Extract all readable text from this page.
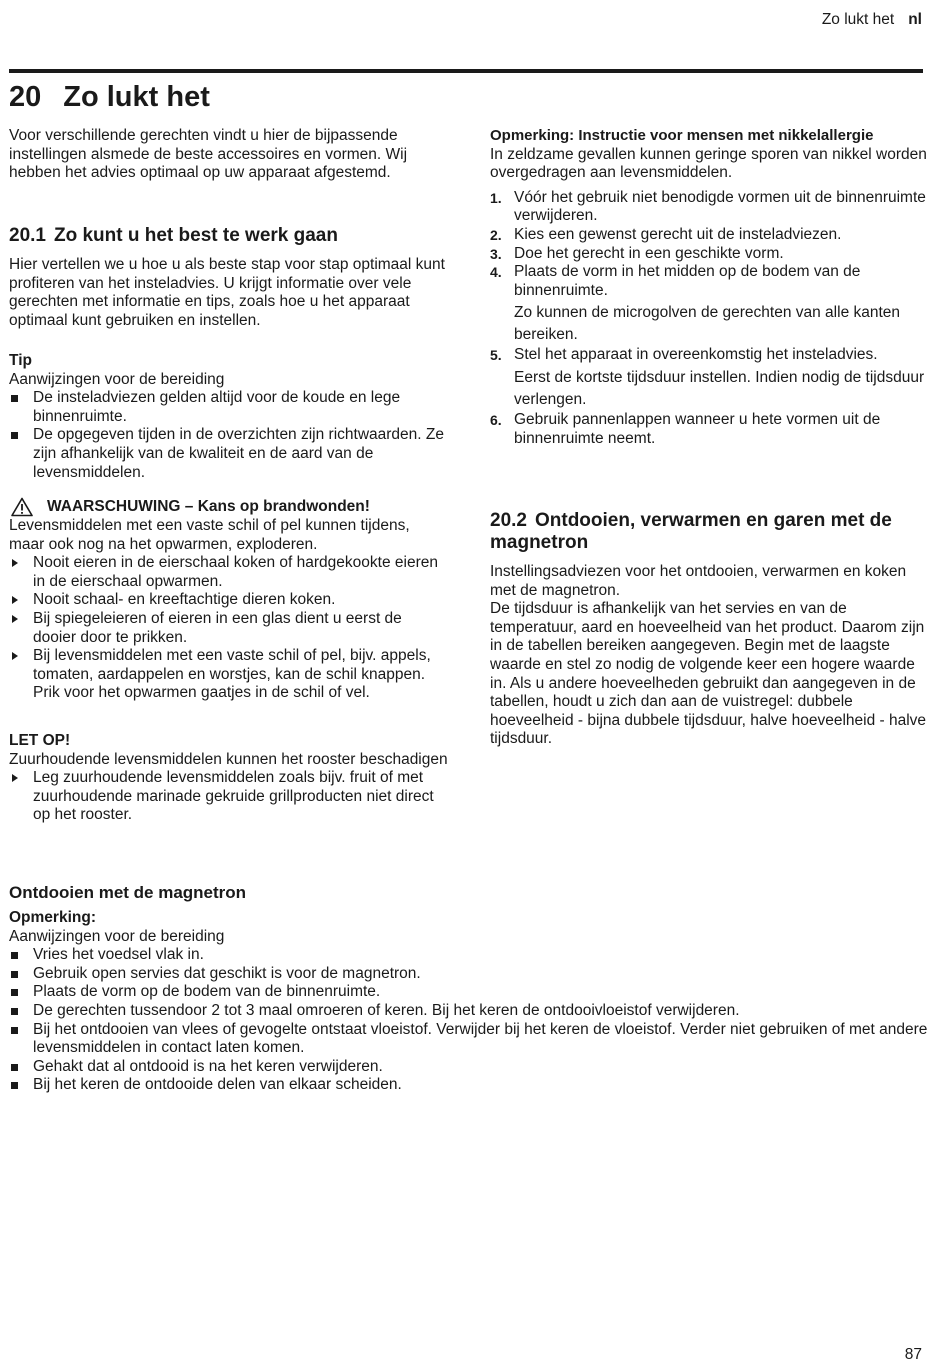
Zo lukt het nl
20 Zo lukt het

Voor verschillende gerechten vindt u hier de bijpassende instellingen alsmede de beste accessoires en vormen. Wij hebben het advies optimaal op uw apparaat afgestemd.

20.1 Zo kunt u het best te werk gaan

Hier vertellen we u hoe u als beste stap voor stap optimaal kunt profiteren van het insteladvies. U krijgt informatie over vele gerechten met informatie en tips, zoals hoe u het apparaat optimaal kunt gebruiken en instellen.

Tip

Aanwijzingen voor de bereiding

De insteladviezen gelden altijd voor de koude en lege binnenruimte.
De opgegeven tijden in de overzichten zijn richtwaarden. Ze zijn afhankelijk van de kwaliteit en de aard van de levensmiddelen.
WAARSCHUWING – Kans op brandwonden!

Levensmiddelen met een vaste schil of pel kunnen tijdens, maar ook nog na het opwarmen, exploderen.

Nooit eieren in de eierschaal koken of hardgekookte eieren in de eierschaal opwarmen.
Nooit schaal- en kreeftachtige dieren koken.
Bij spiegeleieren of eieren in een glas dient u eerst de dooier door te prikken.
Bij levensmiddelen met een vaste schil of pel, bijv. appels, tomaten, aardappelen en worstjes, kan de schil knappen. Prik voor het opwarmen gaatjes in de schil of vel.

LET OP!

Zuurhoudende levensmiddelen kunnen het rooster beschadigen

Leg zuurhoudende levensmiddelen zoals bijv. fruit of met zuurhoudende marinade gekruide grillproducten niet direct op het rooster.

Opmerking: Instructie voor mensen met nikkelallergie

In zeldzame gevallen kunnen geringe sporen van nikkel worden overgedragen aan levensmiddelen.

1. Vóór het gebruik niet benodigde vormen uit de binnenruimte verwijderen.
2. Kies een gewenst gerecht uit de insteladviezen.
3. Doe het gerecht in een geschikte vorm.
4. Plaats de vorm in het midden op de bodem van de binnenruimte.
Zo kunnen de microgolven de gerechten van alle kanten bereiken.
5. Stel het apparaat in overeenkomstig het insteladvies.
Eerst de kortste tijdsduur instellen. Indien nodig de tijdsduur verlengen.
6. Gebruik pannenlappen wanneer u hete vormen uit de binnenruimte neemt.
20.2 Ontdooien, verwarmen en garen met de magnetron

Instellingsadviezen voor het ontdooien, verwarmen en koken met de magnetron.

De tijdsduur is afhankelijk van het servies en van de temperatuur, aard en hoeveelheid van het product. Daarom zijn in de tabellen bereiken aangegeven. Begin met de laagste waarde en stel zo nodig de volgende keer een hogere waarde in. Als u andere hoeveelheden gebruikt dan aangegeven in de tabellen, houdt u zich dan aan de vuistregel: dubbele hoeveelheid - bijna dubbele tijdsduur, halve hoeveelheid - halve tijdsduur.

Ontdooien met de magnetron

Opmerking:

Aanwijzingen voor de bereiding

Vries het voedsel vlak in.
Gebruik open servies dat geschikt is voor de magnetron.
Plaats de vorm op de bodem van de binnenruimte.
De gerechten tussendoor 2 tot 3 maal omroeren of keren. Bij het keren de ontdooivloeistof verwijderen.
Bij het ontdooien van vlees of gevogelte ontstaat vloeistof. Verwijder bij het keren de vloeistof. Verder niet gebruiken of met andere levensmiddelen in contact laten komen.
Gehakt dat al ontdooid is na het keren verwijderen.
Bij het keren de ontdooide delen van elkaar scheiden.
87
